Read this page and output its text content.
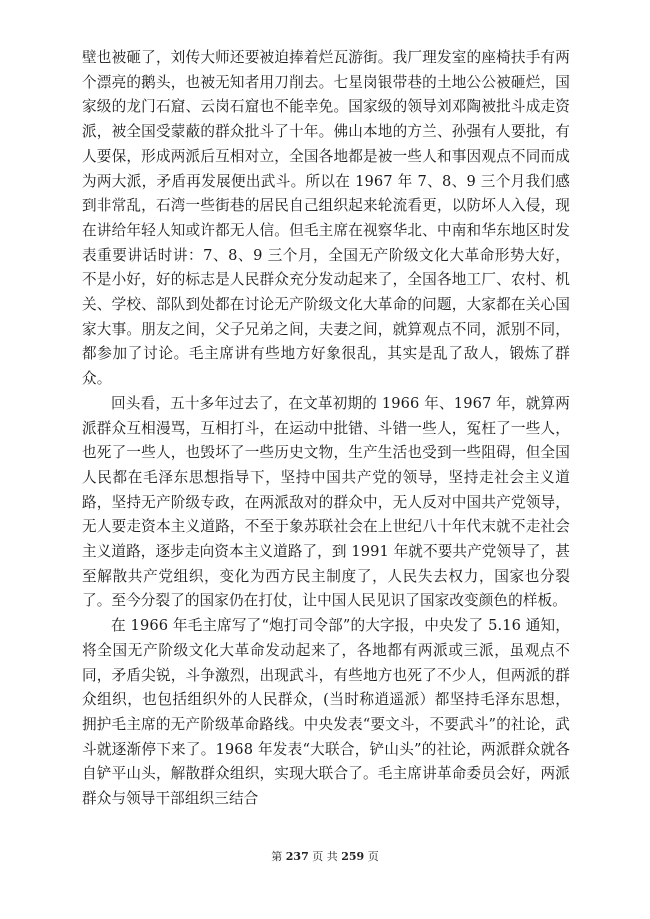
壁也被砸了，刘传大师还要被迫捧着烂瓦游街。我厂理发室的座椅扶手有两个漂亮的鹅头，也被无知者用刀削去。七星岗银带巷的土地公公被砸烂，国家级的龙门石窟、云岗石窟也不能幸免。国家级的领导刘邓陶被批斗成走资派，被全国受蒙蔽的群众批斗了十年。佛山本地的方兰、孙强有人要批，有人要保，形成两派后互相对立，全国各地都是被一些人和事因观点不同而成为两大派，矛盾再发展便出武斗。所以在 1967 年 7、8、9 三个月我们感到非常乱，石湾一些街巷的居民自己组织起来轮流看更，以防坏人入侵，现在讲给年轻人知或许都无人信。但毛主席在视察华北、中南和华东地区时发表重要讲话时讲：7、8、9 三个月，全国无产阶级文化大革命形势大好，不是小好，好的标志是人民群众充分发动起来了，全国各地工厂、农村、机关、学校、部队到处都在讨论无产阶级文化大革命的问题，大家都在关心国家大事。朋友之间，父子兄弟之间，夫妻之间，就算观点不同，派别不同，都参加了讨论。毛主席讲有些地方好象很乱，其实是乱了敌人，锻炼了群众。

回头看，五十多年过去了，在文革初期的 1966 年、1967 年，就算两派群众互相漫骂，互相打斗，在运动中批错、斗错一些人，冤枉了一些人，也死了一些人，也毁坏了一些历史文物，生产生活也受到一些阻碍，但全国人民都在毛泽东思想指导下，坚持中国共产党的领导，坚持走社会主义道路，坚持无产阶级专政，在两派敌对的群众中，无人反对中国共产党领导，无人要走资本主义道路，不至于象苏联社会在上世纪八十年代末就不走社会主义道路，逐步走向资本主义道路了，到 1991 年就不要共产党领导了，甚至解散共产党组织，变化为西方民主制度了，人民失去权力，国家也分裂了。至今分裂了的国家仍在打仗，让中国人民见识了国家改变颜色的样板。

在 1966 年毛主席写了“炮打司令部”的大字报，中央发了 5.16 通知，将全国无产阶级文化大革命发动起来了，各地都有两派或三派，虽观点不同，矛盾尖锐，斗争激烈，出现武斗，有些地方也死了不少人，但两派的群众组织，也包括组织外的人民群众，(当时称逍遥派）都坚持毛泽东思想，拥护毛主席的无产阶级革命路线。中央发表“要文斗，不要武斗”的社论，武斗就逐渐停下来了。1968 年发表“大联合，铲山头”的社论，两派群众就各自铲平山头，解散群众组织，实现大联合了。毛主席讲革命委员会好，两派群众与领导干部组织三结合

第 237 页 共 259 页
